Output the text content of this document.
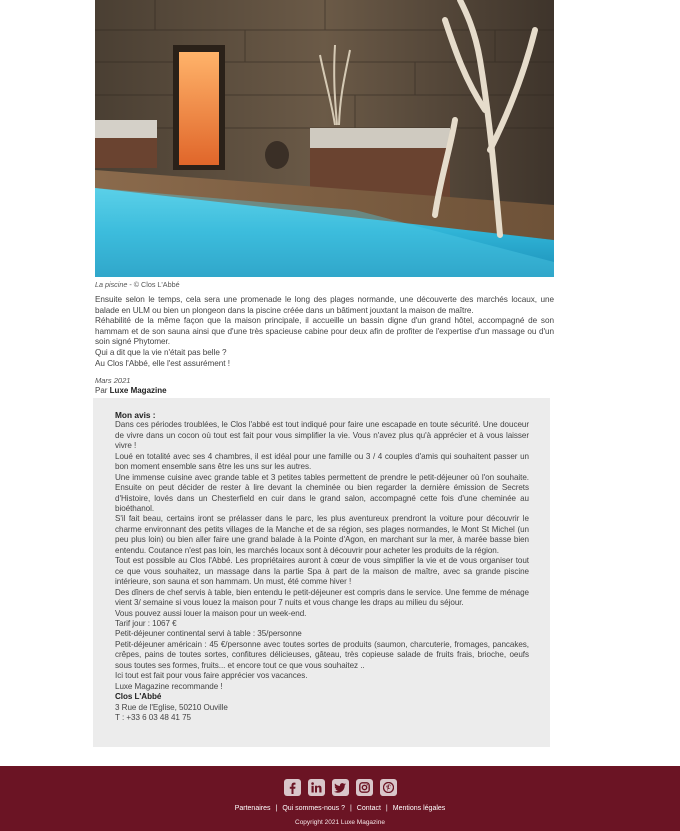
La piscine - © Clos L'Abbé

Ensuite selon le temps, cela sera une promenade le long des plages normande, une découverte des marchés locaux, une balade en ULM ou bien un plongeon dans la piscine créée dans un bâtiment jouxtant la maison de maître.

Réhabilité de la même façon que la maison principale, il accueille un bassin digne d'un grand hôtel, accompagné de son hammam et de son sauna ainsi que d'une très spacieuse cabine pour deux afin de profiter de l'expertise d'un massage ou d'un soin signé Phytomer.

Qui a dit que la vie n'était pas belle ?

Au Clos l'Abbé, elle l'est assurément !

Mars 2021
Par Luxe Magazine
Mon avis :

Dans ces périodes troublées, le Clos l'abbé est tout indiqué pour faire une escapade en toute sécurité. Une douceur de vivre dans un cocon où tout est fait pour vous simplifier la vie. Vous n'avez plus qu'à apprécier et à vous laisser vivre !

Loué en totalité avec ses 4 chambres, il est idéal pour une famille ou 3 / 4 couples d'amis qui souhaitent passer un bon moment ensemble sans être les uns sur les autres.

Une immense cuisine avec grande table et 3 petites tables permettent de prendre le petit-déjeuner où l'on souhaite. Ensuite on peut décider de rester à lire devant la cheminée ou bien regarder la dernière émission de Secrets d'Histoire, lovés dans un Chesterfield en cuir dans le grand salon, accompagné cette fois d'une cheminée au bioéthanol.

S'il fait beau, certains iront se prélasser dans le parc, les plus aventureux prendront la voiture pour découvrir le charme environnant des petits villages de la Manche et de sa région, ses plages normandes, le Mont St Michel (un peu plus loin) ou bien aller faire une grand balade à la Pointe d'Agon, en marchant sur la mer, à marée basse bien entendu. Coutance n'est pas loin, les marchés locaux sont à découvrir pour acheter les produits de la région.

Tout est possible au Clos l'Abbé. Les propriétaires auront à cœur de vous simplifier la vie et de vous organiser tout ce que vous souhaitez, un massage dans la partie Spa à part de la maison de maître, avec sa grande piscine intérieure, son sauna et son hammam. Un must, été comme hiver !

Des dîners de chef servis à table, bien entendu le petit-déjeuner est compris dans le service. Une femme de ménage vient 3/ semaine si vous louez la maison pour 7 nuits et vous change les draps au milieu du séjour.

Vous pouvez aussi louer la maison pour un week-end.

Tarif jour : 1067 €

Petit-déjeuner continental servi à table : 35/personne

Petit-déjeuner américain : 45 €/personne avec toutes sortes de produits (saumon, charcuterie, fromages, pancakes, crêpes, pains de toutes sortes, confitures délicieuses, gâteau, très copieuse salade de fruits frais, brioche, oeufs sous toutes ses formes, fruits... et encore tout ce que vous souhaitez ..

Ici tout est fait pour vous faire apprécier vos vacances.

Luxe Magazine recommande !

Clos L'Abbé

3 Rue de l'Eglise, 50210 Ouville

T : +33 6 03 48 41 75

Partenaires | Qui sommes-nous ? | Contact | Mentions légales
Copyright 2021 Luxe Magazine
